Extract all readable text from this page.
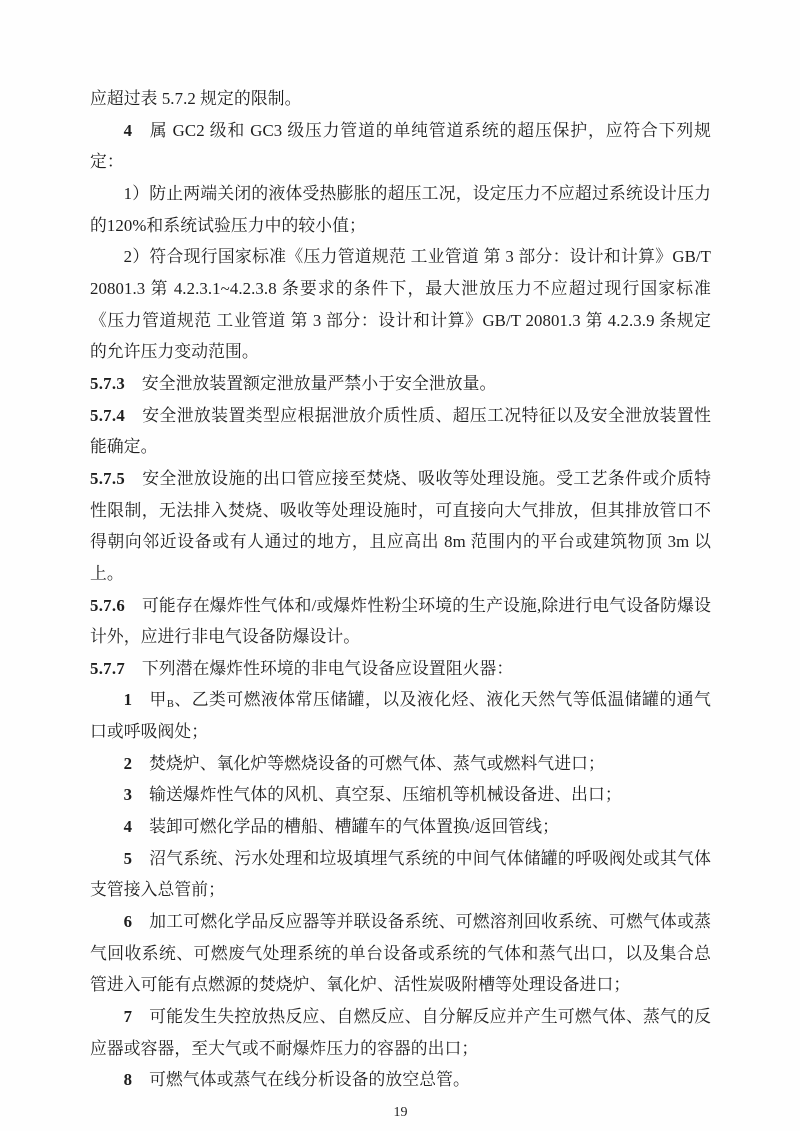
应超过表 5.7.2 规定的限制。

4 属 GC2 级和 GC3 级压力管道的单纯管道系统的超压保护，应符合下列规定：

1）防止两端关闭的液体受热膨胀的超压工况，设定压力不应超过系统设计压力的120%和系统试验压力中的较小值；

2）符合现行国家标准《压力管道规范 工业管道 第 3 部分：设计和计算》GB/T 20801.3 第 4.2.3.1~4.2.3.8 条要求的条件下，最大泄放压力不应超过现行国家标准《压力管道规范 工业管道 第 3 部分：设计和计算》GB/T 20801.3 第 4.2.3.9 条规定的允许压力变动范围。

5.7.3 安全泄放装置额定泄放量严禁小于安全泄放量。

5.7.4 安全泄放装置类型应根据泄放介质性质、超压工况特征以及安全泄放装置性能确定。

5.7.5 安全泄放设施的出口管应接至焚烧、吸收等处理设施。受工艺条件或介质特性限制，无法排入焚烧、吸收等处理设施时，可直接向大气排放，但其排放管口不得朝向邻近设备或有人通过的地方，且应高出 8m 范围内的平台或建筑物顶 3m 以上。

5.7.6 可能存在爆炸性气体和/或爆炸性粉尘环境的生产设施,除进行电气设备防爆设计外，应进行非电气设备防爆设计。

5.7.7 下列潜在爆炸性环境的非电气设备应设置阻火器：

1 甲$_B$、乙类可燃液体常压储罐，以及液化烃、液化天然气等低温储罐的通气口或呼吸阀处；

2 焚烧炉、氧化炉等燃烧设备的可燃气体、蒸气或燃料气进口；

3 输送爆炸性气体的风机、真空泵、压缩机等机械设备进、出口；

4 装卸可燃化学品的槽船、槽罐车的气体置换/返回管线；

5 沼气系统、污水处理和垃圾填埋气系统的中间气体储罐的呼吸阀处或其气体支管接入总管前；

6 加工可燃化学品反应器等并联设备系统、可燃溶剂回收系统、可燃气体或蒸气回收系统、可燃废气处理系统的单台设备或系统的气体和蒸气出口，以及集合总管进入可能有点燃源的焚烧炉、氧化炉、活性炭吸附槽等处理设备进口；

7 可能发生失控放热反应、自燃反应、自分解反应并产生可燃气体、蒸气的反应器或容器，至大气或不耐爆炸压力的容器的出口；

8 可燃气体或蒸气在线分析设备的放空总管。

19
